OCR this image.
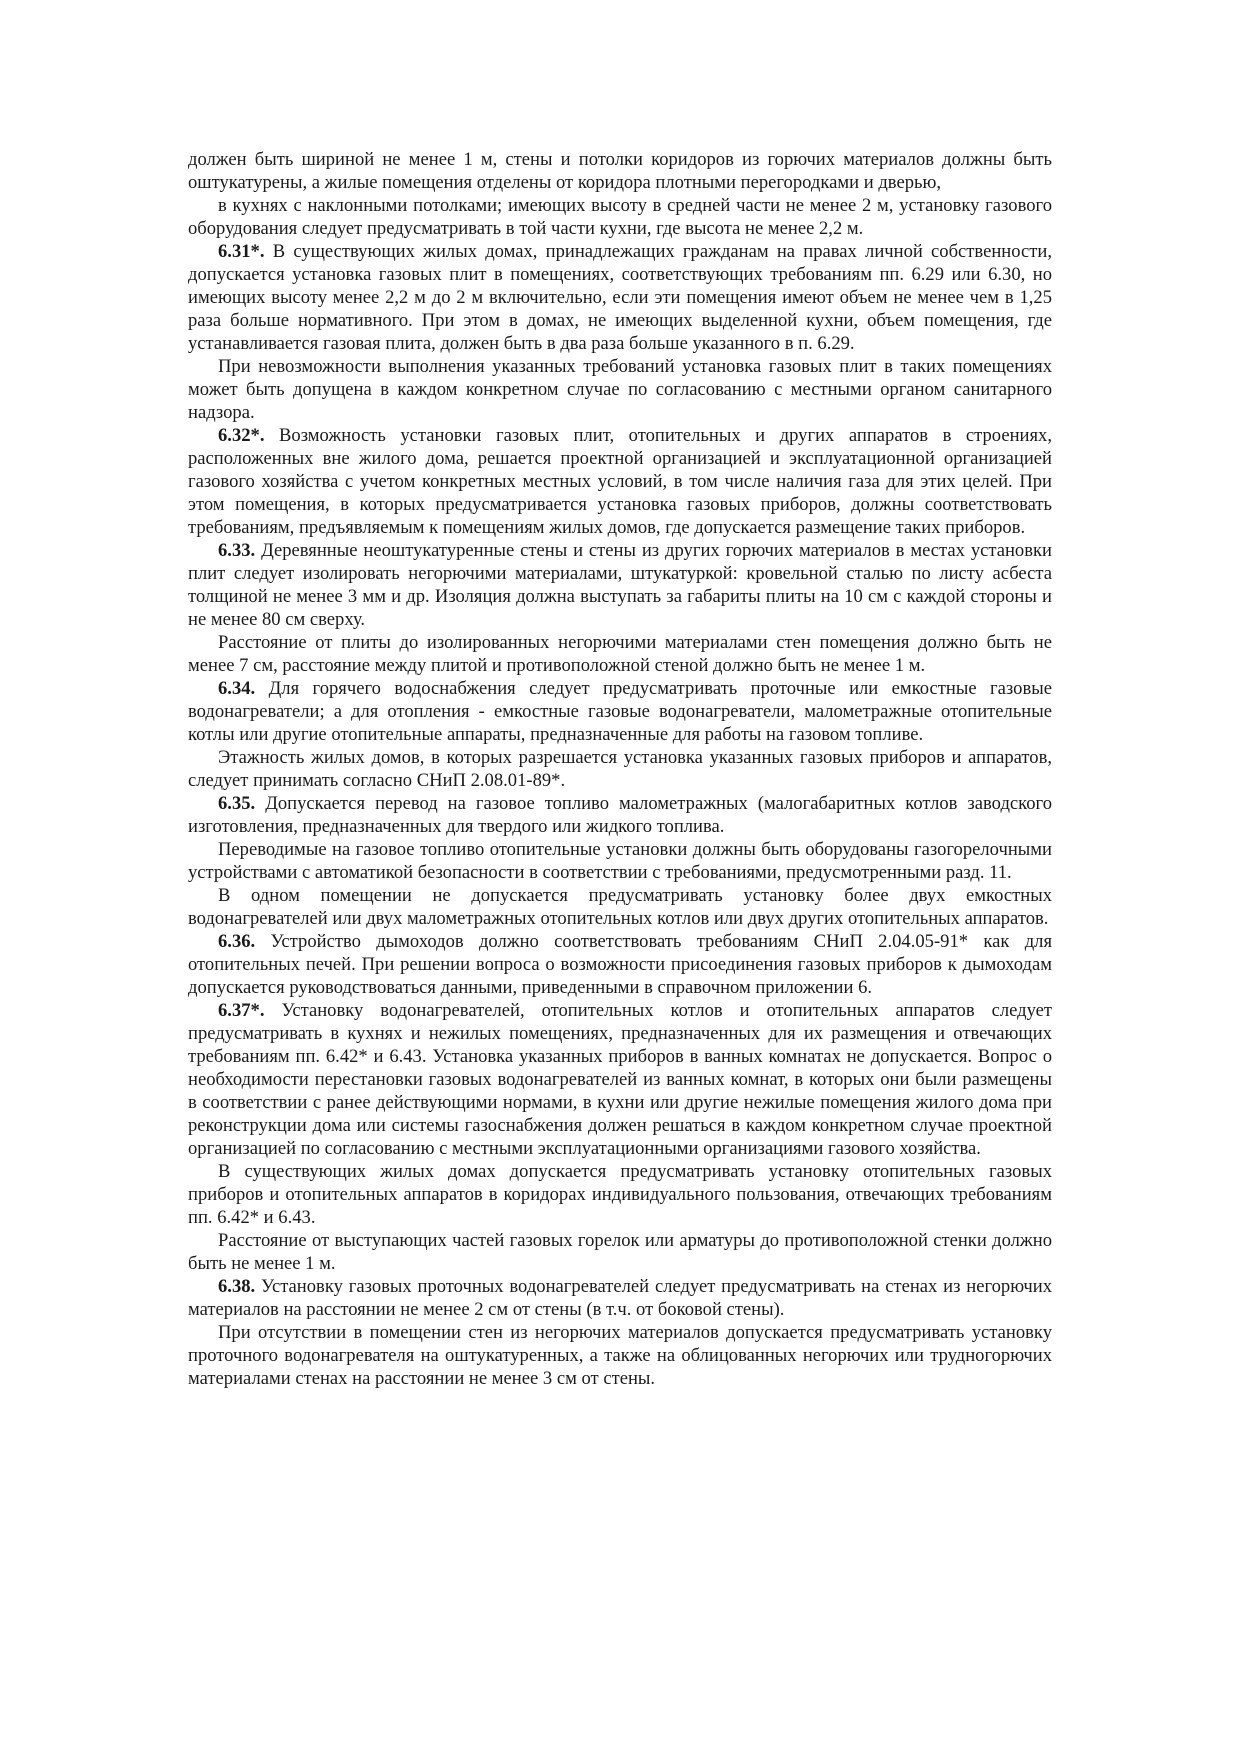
должен быть шириной не менее 1 м, стены и потолки коридоров из горючих материалов должны быть оштукатурены, а жилые помещения отделены от коридора плотными перегородками и дверью,

в кухнях с наклонными потолками; имеющих высоту в средней части не менее 2 м, установку газового оборудования следует предусматривать в той части кухни, где высота не менее 2,2 м.

6.31*. В существующих жилых домах, принадлежащих гражданам на правах личной собственности, допускается установка газовых плит в помещениях, соответствующих требованиям пп. 6.29 или 6.30, но имеющих высоту менее 2,2 м до 2 м включительно, если эти помещения имеют объем не менее чем в 1,25 раза больше нормативного. При этом в домах, не имеющих выделенной кухни, объем помещения, где устанавливается газовая плита, должен быть в два раза больше указанного в п. 6.29.

При невозможности выполнения указанных требований установка газовых плит в таких помещениях может быть допущена в каждом конкретном случае по согласованию с местными органом санитарного надзора.

6.32*. Возможность установки газовых плит, отопительных и других аппаратов в строениях, расположенных вне жилого дома, решается проектной организацией и эксплуатационной организацией газового хозяйства с учетом конкретных местных условий, в том числе наличия газа для этих целей. При этом помещения, в которых предусматривается установка газовых приборов, должны соответствовать требованиям, предъявляемым к помещениям жилых домов, где допускается размещение таких приборов.

6.33. Деревянные неоштукатуренные стены и стены из других горючих материалов в местах установки плит следует изолировать негорючими материалами, штукатуркой: кровельной сталью по листу асбеста толщиной не менее 3 мм и др. Изоляция должна выступать за габариты плиты на 10 см с каждой стороны и не менее 80 см сверху.

Расстояние от плиты до изолированных негорючими материалами стен помещения должно быть не менее 7 см, расстояние между плитой и противоположной стеной должно быть не менее 1 м.

6.34. Для горячего водоснабжения следует предусматривать проточные или емкостные газовые водонагреватели; а для отопления - емкостные газовые водонагреватели, малометражные отопительные котлы или другие отопительные аппараты, предназначенные для работы на газовом топливе.

Этажность жилых домов, в которых разрешается установка указанных газовых приборов и аппаратов, следует принимать согласно СНиП 2.08.01-89*.

6.35. Допускается перевод на газовое топливо малометражных (малогабаритных котлов заводского изготовления, предназначенных для твердого или жидкого топлива.

Переводимые на газовое топливо отопительные установки должны быть оборудованы газогорелочными устройствами с автоматикой безопасности в соответствии с требованиями, предусмотренными разд. 11.

В одном помещении не допускается предусматривать установку более двух емкостных водонагревателей или двух малометражных отопительных котлов или двух других отопительных аппаратов.

6.36. Устройство дымоходов должно соответствовать требованиям СНиП 2.04.05-91* как для отопительных печей. При решении вопроса о возможности присоединения газовых приборов к дымоходам допускается руководствоваться данными, приведенными в справочном приложении 6.

6.37*. Установку водонагревателей, отопительных котлов и отопительных аппаратов следует предусматривать в кухнях и нежилых помещениях, предназначенных для их размещения и отвечающих требованиям пп. 6.42* и 6.43. Установка указанных приборов в ванных комнатах не допускается. Вопрос о необходимости перестановки газовых водонагревателей из ванных комнат, в которых они были размещены в соответствии с ранее действующими нормами, в кухни или другие нежилые помещения жилого дома при реконструкции дома или системы газоснабжения должен решаться в каждом конкретном случае проектной организацией по согласованию с местными эксплуатационными организациями газового хозяйства.

В существующих жилых домах допускается предусматривать установку отопительных газовых приборов и отопительных аппаратов в коридорах индивидуального пользования, отвечающих требованиям пп. 6.42* и 6.43.

Расстояние от выступающих частей газовых горелок или арматуры до противоположной стенки должно быть не менее 1 м.

6.38. Установку газовых проточных водонагревателей следует предусматривать на стенах из негорючих материалов на расстоянии не менее 2 см от стены (в т.ч. от боковой стены).

При отсутствии в помещении стен из негорючих материалов допускается предусматривать установку проточного водонагревателя на оштукатуренных, а также на облицованных негорючих или трудногорючих материалами стенах на расстоянии не менее 3 см от стены.
